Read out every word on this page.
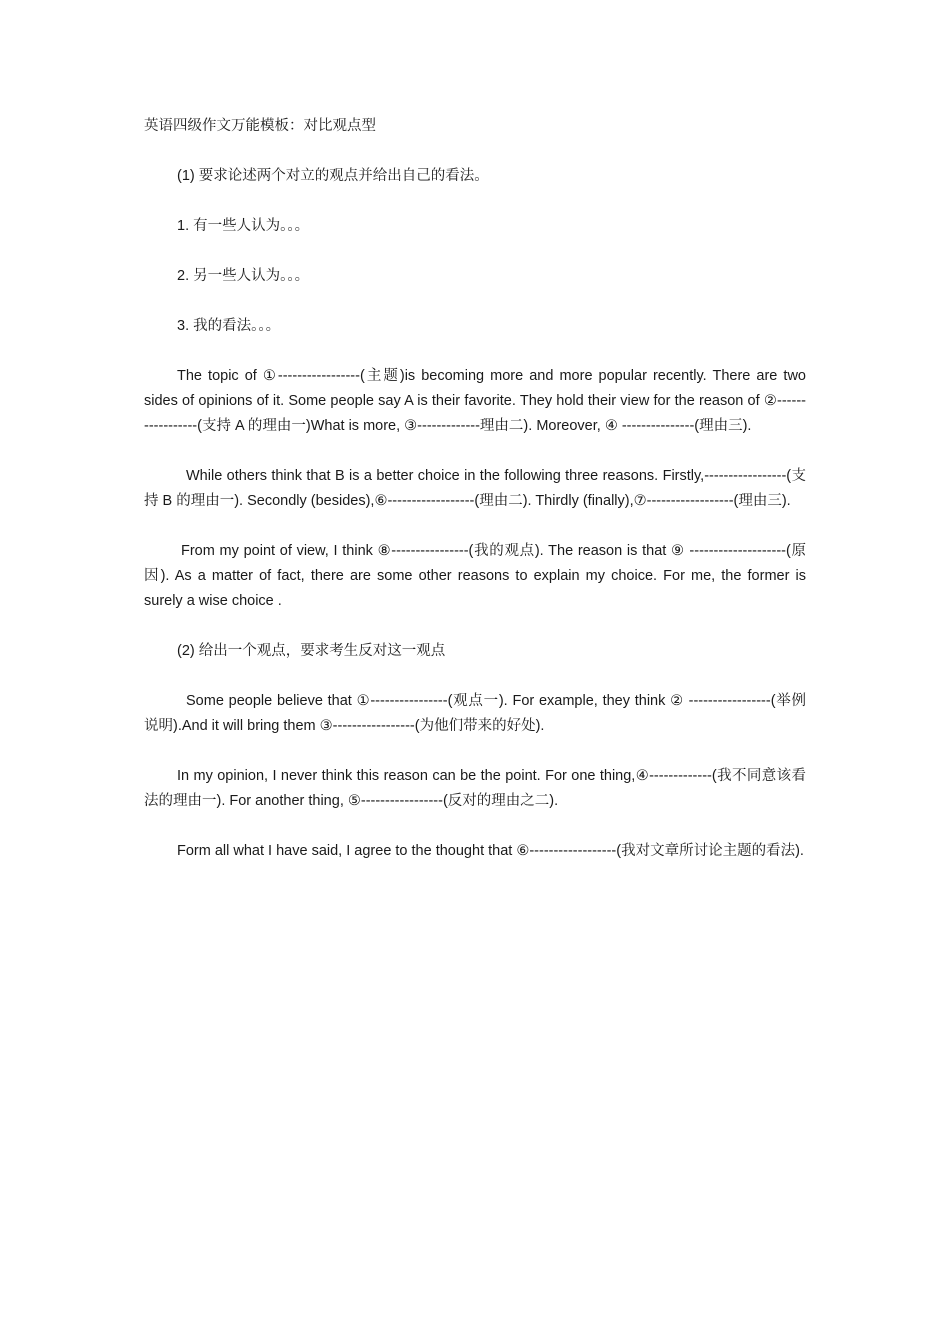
英语四级作文万能模板：对比观点型
(1) 要求论述两个对立的观点并给出自己的看法。
1. 有一些人认为。。。
2. 另一些人认为。。。
3. 我的看法。。。

The topic of ①-----------------(主题)is becoming more and more popular recently. There are two sides of opinions of it. Some people say A is their favorite. They hold their view for the reason of ②-----------------(支持 A 的理由一)What is more, ③-------------理由二). Moreover, ④ ---------------(理由三).

While others think that B is a better choice in the following three reasons. Firstly,-----------------(支持 B 的理由一). Secondly (besides),⑥------------------(理由二). Thirdly (finally),⑦------------------(理由三).

From my point of view, I think ⑧----------------(我的观点). The reason is that ⑨ --------------------(原因). As a matter of fact, there are some other reasons to explain my choice. For me, the former is surely a wise choice .

(2) 给出一个观点，要求考生反对这一观点

Some people believe that ①----------------(观点一). For example, they think ② -----------------(举例说明).And it will bring them ③-----------------(为他们带来的好处).

In my opinion, I never think this reason can be the point. For one thing,④-------------(我不同意该看法的理由一). For another thing, ⑤-----------------(反对的理由之二).

Form all what I have said, I agree to the thought that ⑥------------------(我对文章所讨论主题的看法).
